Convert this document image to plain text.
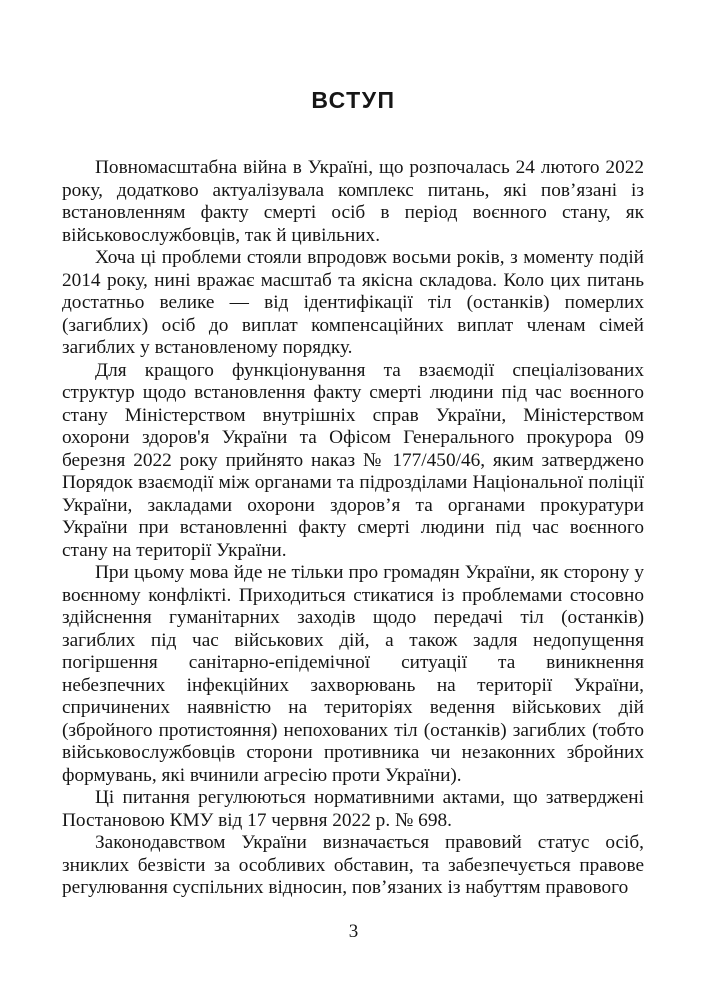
ВСТУП

Повномасштабна війна в Україні, що розпочалась 24 лютого 2022 року, додатково актуалізувала комплекс питань, які пов’язані із встановленням факту смерті осіб в період воєнного стану, як військовослужбовців, так й цивільних.

Хоча ці проблеми стояли впродовж восьми років, з моменту подій 2014 року, нині вражає масштаб та якісна складова. Коло цих питань достатньо велике — від ідентифікації тіл (останків) померлих (загиблих) осіб до виплат компенсаційних виплат членам сімей загиблих у встановленому порядку.

Для кращого функціонування та взаємодії спеціалізованих структур щодо встановлення факту смерті людини під час воєнного стану Міністерством внутрішніх справ України, Міністерством охорони здоров'я України та Офісом Генерального прокурора 09 березня 2022 року прийнято наказ № 177/450/46, яким затверджено Порядок взаємодії між органами та підрозділами Національної поліції України, закладами охорони здоров’я та органами прокуратури України при встановленні факту смерті людини під час воєнного стану на території України.

При цьому мова йде не тільки про громадян України, як сторону у воєнному конфлікті. Приходиться стикатися із проблемами стосовно здійснення гуманітарних заходів щодо передачі тіл (останків) загиблих під час військових дій, а також задля недопущення погіршення санітарно-епідемічної ситуації та виникнення небезпечних інфекційних захворювань на території України, спричинених наявністю на територіях ведення військових дій (збройного протистояння) непохованих тіл (останків) загиблих (тобто військовослужбовців сторони противника чи незаконних збройних формувань, які вчинили агресію проти України).

Ці питання регулюються нормативними актами, що затверджені Постановою КМУ від 17 червня 2022 р. № 698.

Законодавством України визначається правовий статус осіб, зниклих безвісти за особливих обставин, та забезпечується правове регулювання суспільних відносин, пов’язаних із набуттям правового

3
